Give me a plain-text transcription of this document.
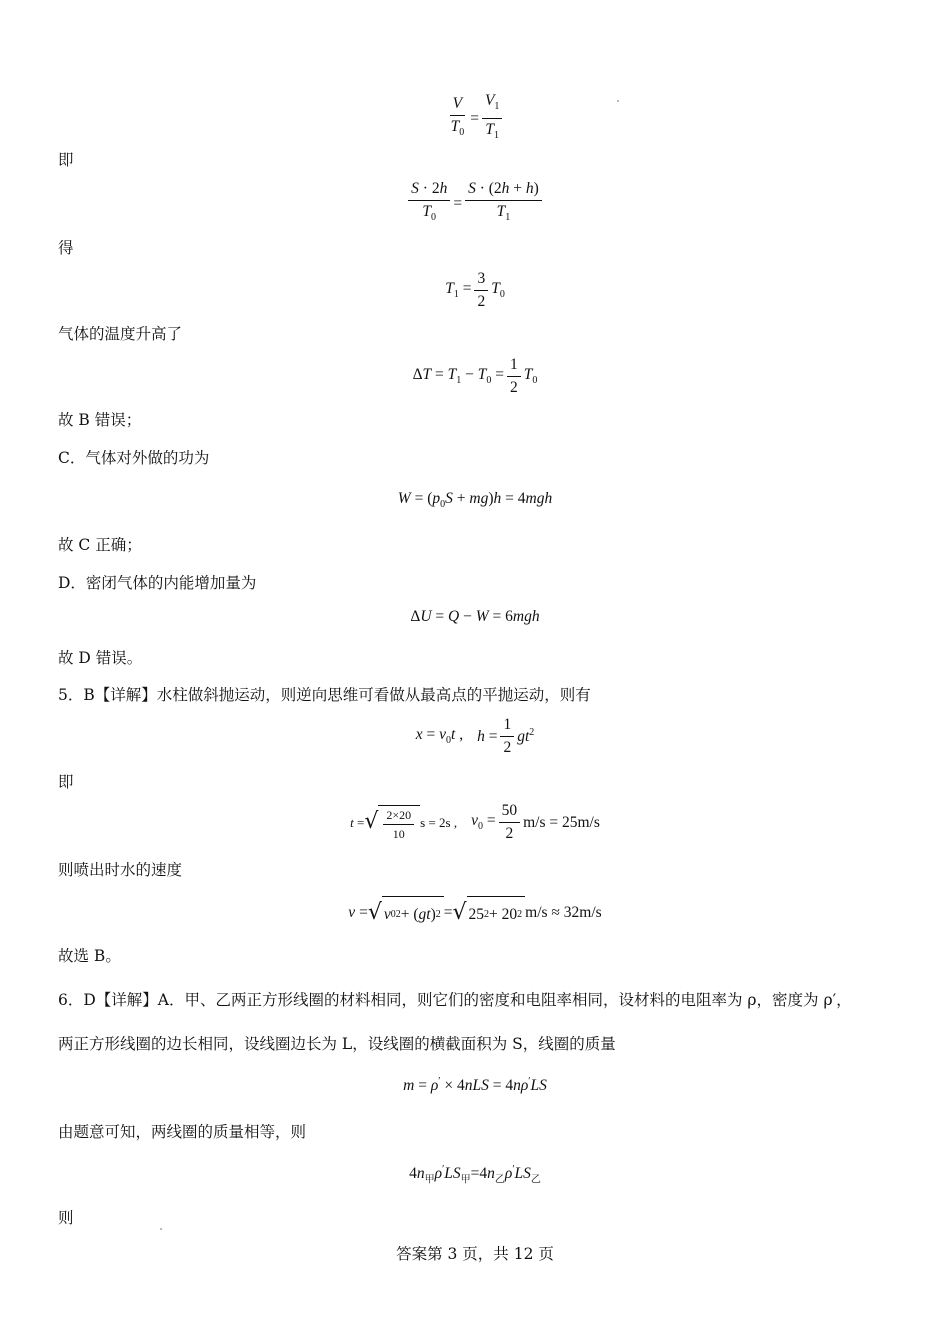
$\frac{V}{T_0} = \frac{V_1}{T_1}$
即
$\frac{S \cdot 2h}{T_0} = \frac{S \cdot (2h + h)}{T_1}$
得
$T_1 = \frac{3}{2} T_0$
气体的温度升高了
$\Delta T = T_1 - T_0 = \frac{1}{2} T_0$
故 B 错误；
C．气体对外做的功为
$W = (p_0S + mg)h = 4mgh$
故 C 正确；
D．密闭气体的内能增加量为
ΔU = Q − W = 6mgh
故 D 错误。
5．B【详解】水柱做斜抛运动，则逆向思维可看做从最高点的平抛运动，则有
$x = v_0t$ , $h = \frac{1}{2} gt^2$
即
t = √ $\frac{2\times 20}{10}$ s = 2s , $v_0 = \frac{50}{2} m/s = 25m/s$
则喷出时水的速度
v = √ v 0 2 + ( gt ) 2 = √ 25 2 + 20 2 m/s ≈ 32m/s
故选 B。
6．D【详解】A．甲、乙两正方形线圈的材料相同，则它们的密度和电阻率相同，设材料的电阻率为 ρ，密度为 ρ′，
两正方形线圈的边长相同，设线圈边长为 L，设线圈的横截面积为 S，线圈的质量
m = ρ′ × 4nLS = 4nρ′LS
由题意可知，两线圈的质量相等，则
$4n_甲\rho'LS_甲=4n_乙\rho'LS_乙$
则
答案第 3 页，共 12 页
